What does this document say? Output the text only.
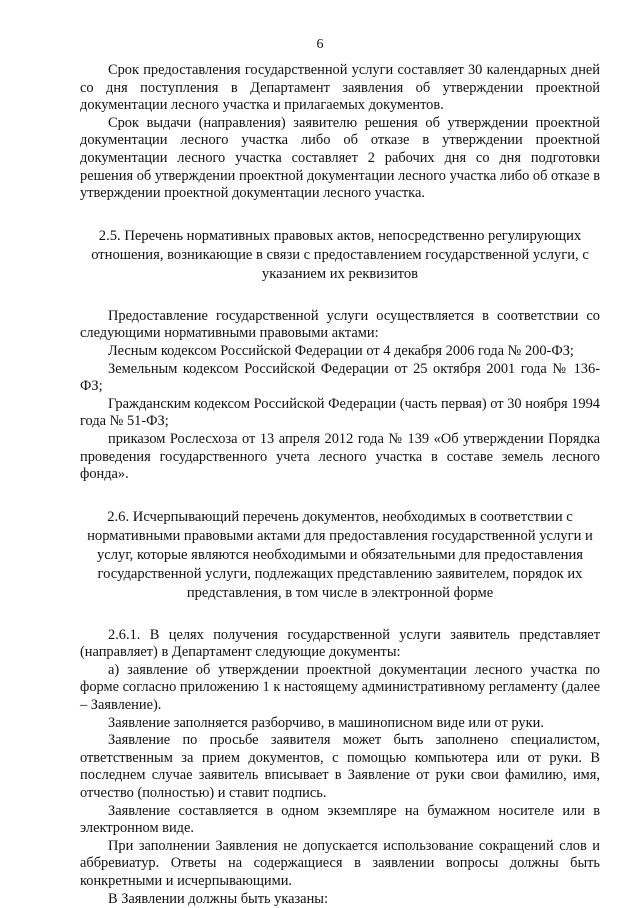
6

Срок предоставления государственной услуги составляет 30 календарных дней со дня поступления в Департамент заявления об утверждении проектной документации лесного участка и прилагаемых документов.

Срок выдачи (направления) заявителю решения об утверждении проектной документации лесного участка либо об отказе в утверждении проектной документации лесного участка составляет 2 рабочих дня со дня подготовки решения об утверждении проектной документации лесного участка либо об отказе в утверждении проектной документации лесного участка.

2.5. Перечень нормативных правовых актов, непосредственно регулирующих отношения, возникающие в связи с предоставлением государственной услуги, с указанием их реквизитов

Предоставление государственной услуги осуществляется в соответствии со следующими нормативными правовыми актами:

Лесным кодексом Российской Федерации от 4 декабря 2006 года № 200-ФЗ;

Земельным кодексом Российской Федерации от 25 октября 2001 года № 136-ФЗ;

Гражданским кодексом Российской Федерации (часть первая) от 30 ноября 1994 года № 51-ФЗ;

приказом Рослесхоза от 13 апреля 2012 года № 139 «Об утверждении Порядка проведения государственного учета лесного участка в составе земель лесного фонда».

2.6. Исчерпывающий перечень документов, необходимых в соответствии с нормативными правовыми актами для предоставления государственной услуги и услуг, которые являются необходимыми и обязательными для предоставления государственной услуги, подлежащих представлению заявителем, порядок их представления, в том числе в электронной форме

2.6.1. В целях получения государственной услуги заявитель представляет (направляет) в Департамент следующие документы:

а) заявление об утверждении проектной документации лесного участка по форме согласно приложению 1 к настоящему административному регламенту (далее – Заявление).

Заявление заполняется разборчиво, в машинописном виде или от руки.

Заявление по просьбе заявителя может быть заполнено специалистом, ответственным за прием документов, с помощью компьютера или от руки. В последнем случае заявитель вписывает в Заявление от руки свои фамилию, имя, отчество (полностью) и ставит подпись.

Заявление составляется в одном экземпляре на бумажном носителе или в электронном виде.

При заполнении Заявления не допускается использование сокращений слов и аббревиатур. Ответы на содержащиеся в заявлении вопросы должны быть конкретными и исчерпывающими.

В Заявлении должны быть указаны:
